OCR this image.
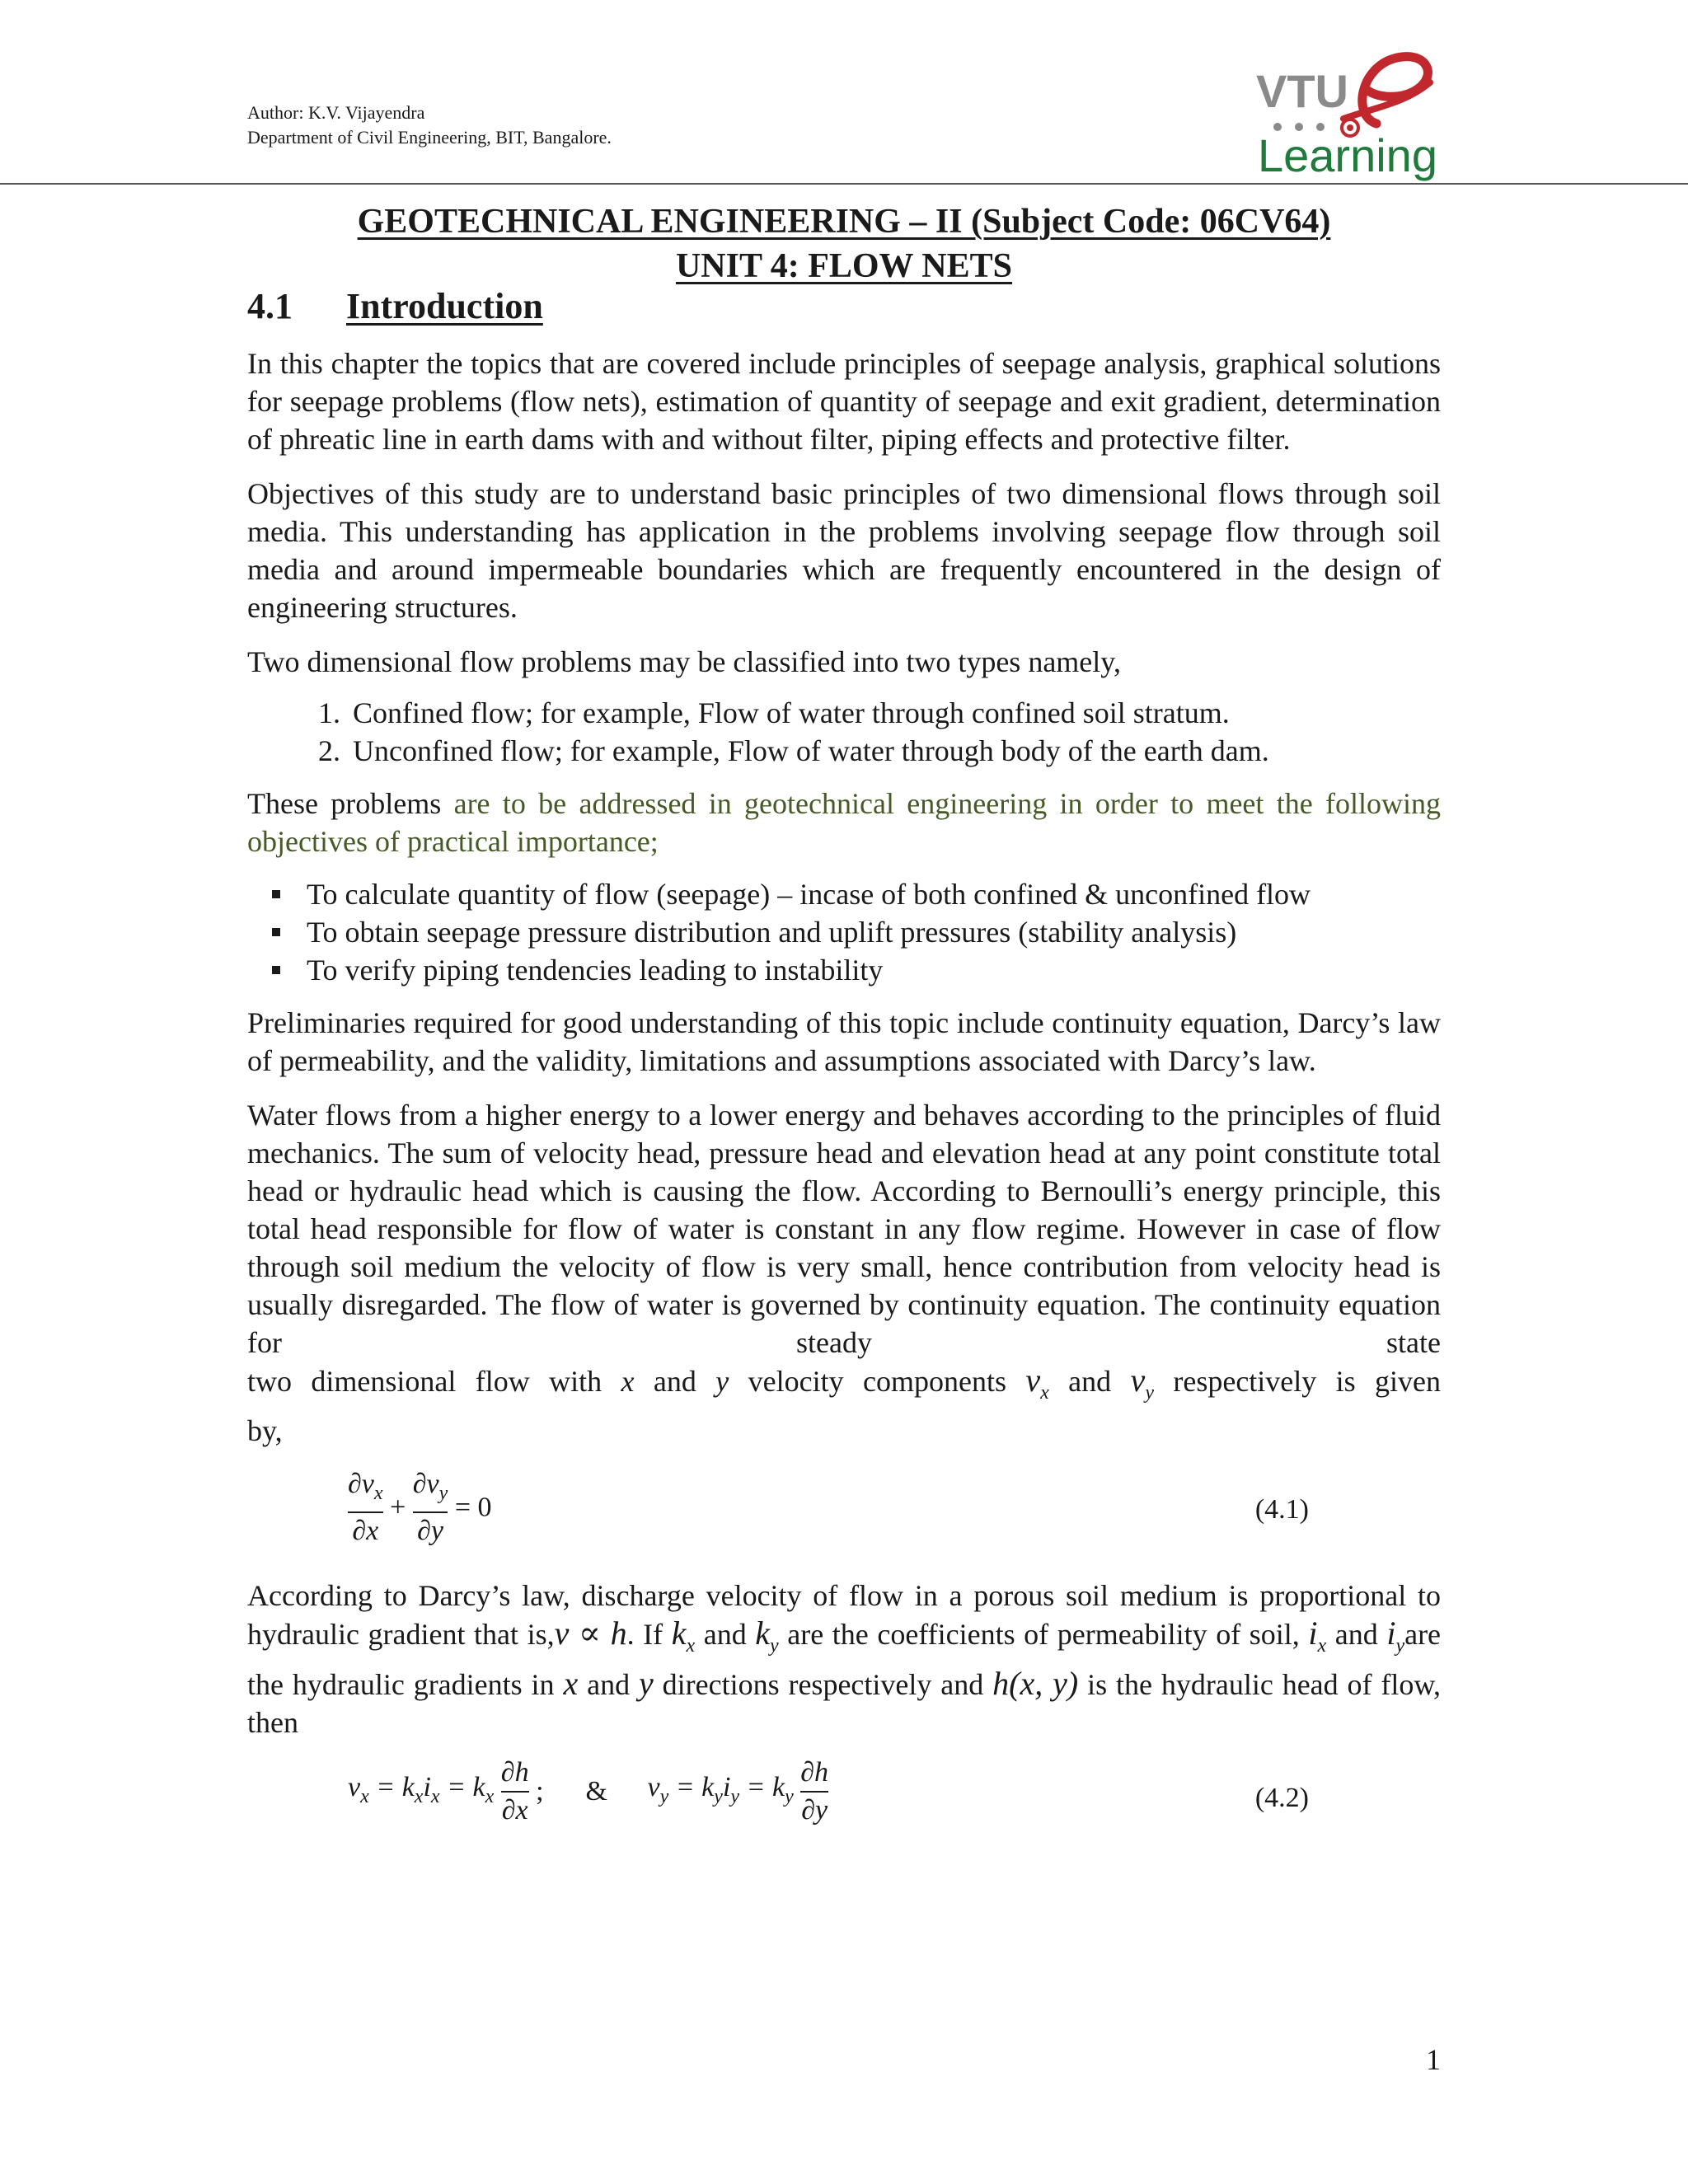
Author: K.V. Vijayendra
Department of Civil Engineering, BIT, Bangalore.
VTU
Learning
GEOTECHNICAL ENGINEERING – II (Subject Code: 06CV64)
UNIT 4: FLOW NETS
4.1 Introduction

In this chapter the topics that are covered include principles of seepage analysis, graphical solutions for seepage problems (flow nets), estimation of quantity of seepage and exit gradient, determination of phreatic line in earth dams with and without filter, piping effects and protective filter.

Objectives of this study are to understand basic principles of two dimensional flows through soil media. This understanding has application in the problems involving seepage flow through soil media and around impermeable boundaries which are frequently encountered in the design of engineering structures.

Two dimensional flow problems may be classified into two types namely,

1. Confined flow; for example, Flow of water through confined soil stratum.
2. Unconfined flow; for example, Flow of water through body of the earth dam.

These problems are to be addressed in geotechnical engineering in order to meet the following objectives of practical importance;

To calculate quantity of flow (seepage) – incase of both confined & unconfined flow
To obtain seepage pressure distribution and uplift pressures (stability analysis)
To verify piping tendencies leading to instability

Preliminaries required for good understanding of this topic include continuity equation, Darcy’s law of permeability, and the validity, limitations and assumptions associated with Darcy’s law.

Water flows from a higher energy to a lower energy and behaves according to the principles of fluid mechanics. The sum of velocity head, pressure head and elevation head at any point constitute total head or hydraulic head which is causing the flow. According to Bernoulli’s energy principle, this total head responsible for flow of water is constant in any flow regime. However in case of flow through soil medium the velocity of flow is very small, hence contribution from velocity head is usually disregarded. The flow of water is governed by continuity equation. The continuity equation for steady state

two dimensional flow with x and y velocity components $v_x$ and $v_y$ respectively is given

by,

$\frac{\partial v_x}{\partial x} + \frac{\partial v_y}{\partial y} = 0$	(4.1)

According to Darcy’s law, discharge velocity of flow in a porous soil medium is proportional to hydraulic gradient that is,v ∝ h. If $k_x$ and $k_y$ are the coefficients of permeability of soil, $i_x$ and $i_yare$ the hydraulic gradients in x and y directions respectively and h(x, y) is the hydraulic head of flow, then

$v_x = k_xi_x = k_x \frac{\partial h}{\partial x}$ ;      & $v_y = k_yi_y = k_y \frac{\partial h}{\partial y}$	(4.2)
1
